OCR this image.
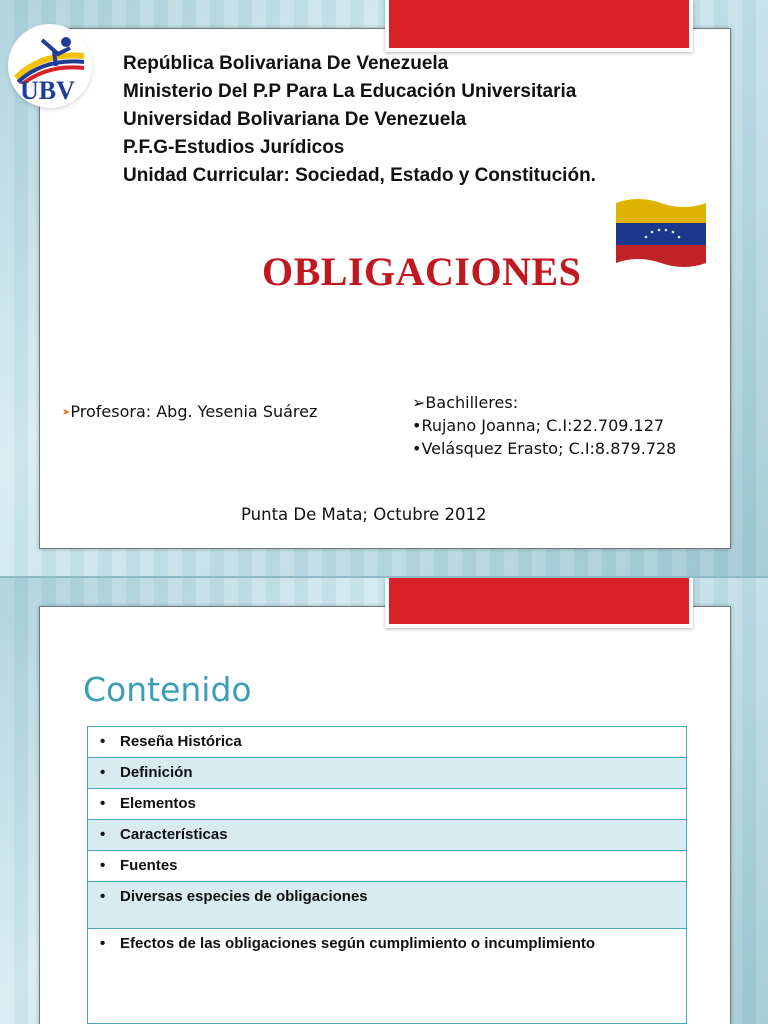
UBV
República Bolivariana De Venezuela
Ministerio Del P.P Para La Educación Universitaria
Universidad Bolivariana De Venezuela
P.F.G-Estudios Jurídicos
Unidad Curricular: Sociedad, Estado y Constitución.
OBLIGACIONES
➤Profesora: Abg. Yesenia Suárez	➢Bachilleres:
•Rujano Joanna; C.I:22.709.127
•Velásquez Erasto; C.I:8.879.728
Punta De Mata; Octubre 2012
Contenido
• Reseña Histórica
• Definición
• Elementos
• Características
• Fuentes
• Diversas especies de obligaciones
• Efectos de las obligaciones según cumplimiento o incumplimiento
